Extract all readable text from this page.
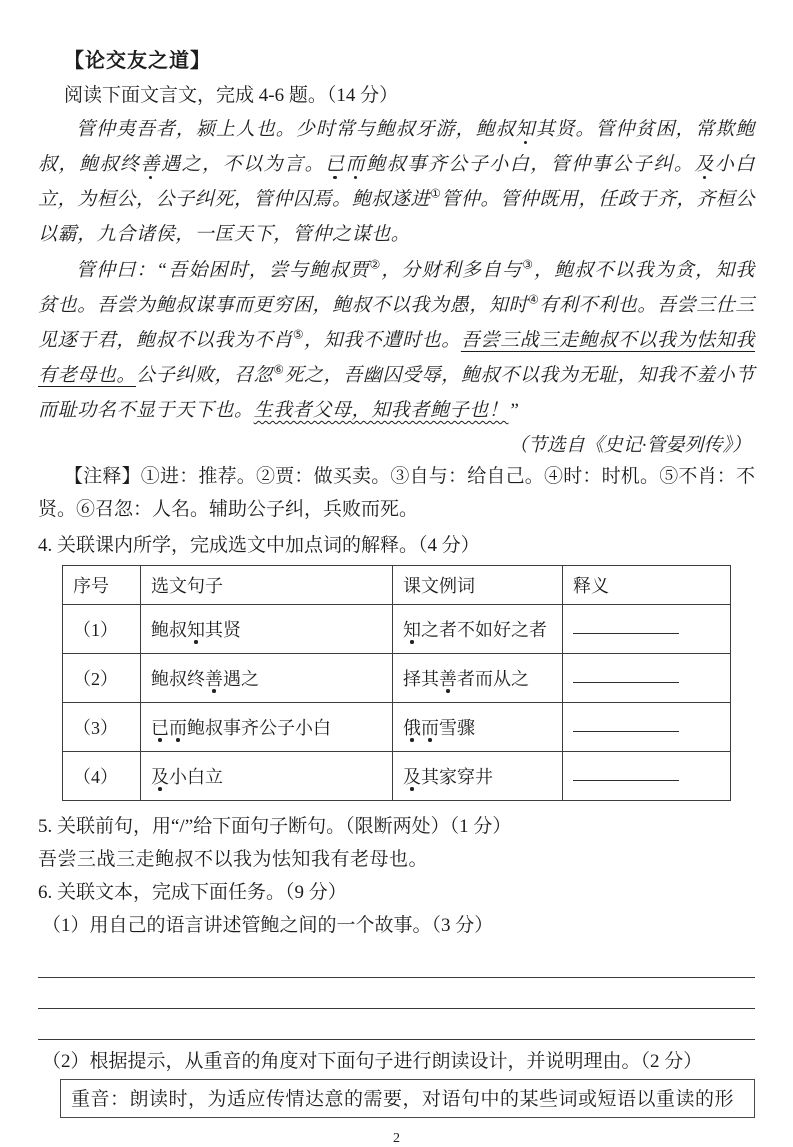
【论交友之道】

阅读下面文言文，完成 4-6 题。（14 分）

管仲夷吾者，颍上人也。少时常与鲍叔牙游，鲍叔知其贤。管仲贫困，常欺鲍叔，鲍叔终善遇之，不以为言。已而鲍叔事齐公子小白，管仲事公子纠。及小白立，为桓公，公子纠死，管仲囚焉。鲍叔遂进①管仲。管仲既用，任政于齐，齐桓公以霸，九合诸侯，一匡天下，管仲之谋也。

管仲曰：“吾始困时，尝与鲍叔贾②，分财利多自与③，鲍叔不以我为贪，知我贫也。吾尝为鲍叔谋事而更穷困，鲍叔不以我为愚，知时④有利不利也。吾尝三仕三见逐于君，鲍叔不以我为不肖⑤，知我不遭时也。吾尝三战三走鲍叔不以我为怯知我有老母也。公子纠败，召忽⑥死之，吾幽囚受辱，鲍叔不以我为无耻，知我不羞小节而耻功名不显于天下也。生我者父母，知我者鲍子也！”

（节选自《史记·管晏列传》）

【注释】①进：推荐。②贾：做买卖。③自与：给自己。④时：时机。⑤不肖：不贤。⑥召忽：人名。辅助公子纠，兵败而死。

4. 关联课内所学，完成选文中加点词的解释。（4 分）

序号	选文句子	课文例词	释义
（1）	鲍叔知其贤	知之者不如好之者	
（2）	鲍叔终善遇之	择其善者而从之	
（3）	已而鲍叔事齐公子小白	俄而雪骤	
（4）	及小白立	及其家穿井	

5. 关联前句，用“/”给下面句子断句。（限断两处）（1 分）

吾尝三战三走鲍叔不以我为怯知我有老母也。

6. 关联文本，完成下面任务。（9 分）

（1）用自己的语言讲述管鲍之间的一个故事。（3 分）

（2）根据提示，从重音的角度对下面句子进行朗读设计，并说明理由。（2 分）

重音：朗读时，为适应传情达意的需要，对语句中的某些词或短语以重读的形
2
